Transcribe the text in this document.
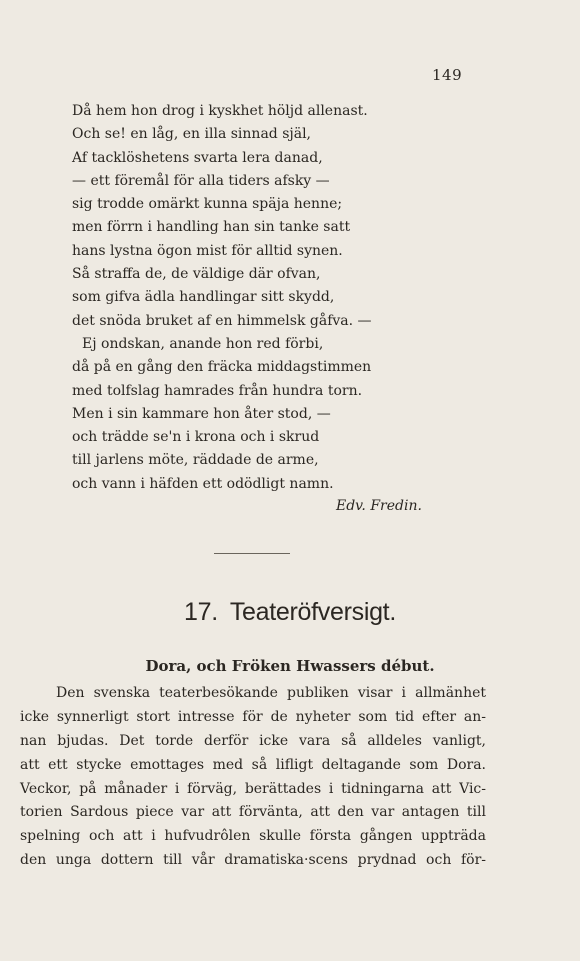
149
Då hem hon drog i kyskhet höljd allenast.
Och se! en låg, en illa sinnad själ,
Af tacklöshetens svarta lera danad,
— ett föremål för alla tiders afsky —
sig trodde omärkt kunna späja henne;
men förrn i handling han sin tanke satt
hans lystna ögon mist för alltid synen.
Så straffa de, de väldige där ofvan,
som gifva ädla handlingar sitt skydd,
det snöda bruket af en himmelsk gåfva. —
Ej ondskan, anande hon red förbi,
då på en gång den fräcka middagstimmen
med tolfslag hamrades från hundra torn.
Men i sin kammare hon åter stod, —
och trädde se'n i krona och i skrud
till jarlens möte, räddade de arme,
och vann i häfden ett odödligt namn.
Edv. Fredin.
17. Teateröfversigt.
Dora, och Fröken Hwassers début.
Den svenska teaterbesökande publiken visar i allmänhet
icke synnerligt stort intresse för de nyheter som tid efter an-
nan bjudas. Det torde derför icke vara så alldeles vanligt,
att ett stycke emottages med så lifligt deltagande som Dora.
Veckor, på månader i förväg, berättades i tidningarna att Vic-
torien Sardous piece var att förvänta, att den var antagen till
spelning och att i hufvudrôlen skulle första gången uppträda
den unga dottern till vår dramatiska·scens prydnad och för-
